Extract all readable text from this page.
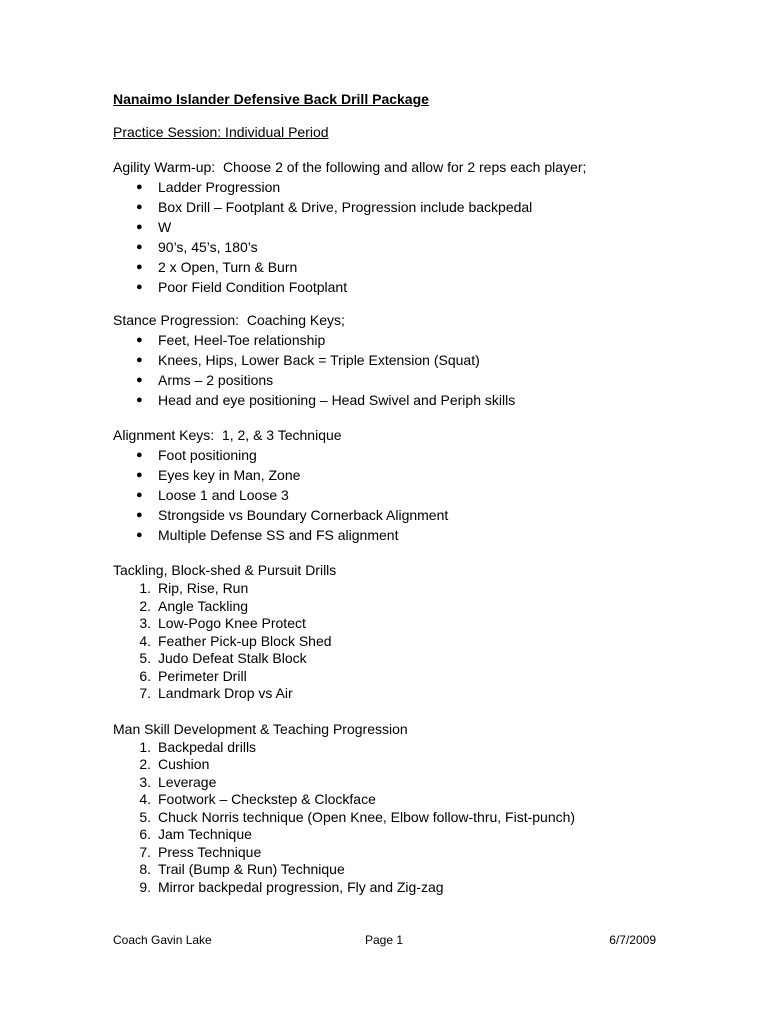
Nanaimo Islander Defensive Back Drill Package

Practice Session: Individual Period

Agility Warm-up:  Choose 2 of the following and allow for 2 reps each player;

● Ladder Progression
● Box Drill – Footplant & Drive, Progression include backpedal
● W
● 90’s, 45’s, 180’s
● 2 x Open, Turn & Burn
● Poor Field Condition Footplant

Stance Progression:  Coaching Keys;

● Feet, Heel-Toe relationship
● Knees, Hips, Lower Back = Triple Extension (Squat)
● Arms – 2 positions
● Head and eye positioning – Head Swivel and Periph skills

Alignment Keys:  1, 2, & 3 Technique

● Foot positioning
● Eyes key in Man, Zone
● Loose 1 and Loose 3
● Strongside vs Boundary Cornerback Alignment
● Multiple Defense SS and FS alignment

Tackling, Block-shed & Pursuit Drills

1. Rip, Rise, Run
2. Angle Tackling
3. Low-Pogo Knee Protect
4. Feather Pick-up Block Shed
5. Judo Defeat Stalk Block
6. Perimeter Drill
7. Landmark Drop vs Air

Man Skill Development & Teaching Progression

1. Backpedal drills
2. Cushion
3. Leverage
4. Footwork – Checkstep & Clockface
5. Chuck Norris technique (Open Knee, Elbow follow-thru, Fist-punch)
6. Jam Technique
7. Press Technique
8. Trail (Bump & Run) Technique
9. Mirror backpedal progression, Fly and Zig-zag
Coach Gavin Lake	Page 1	6/7/2009
